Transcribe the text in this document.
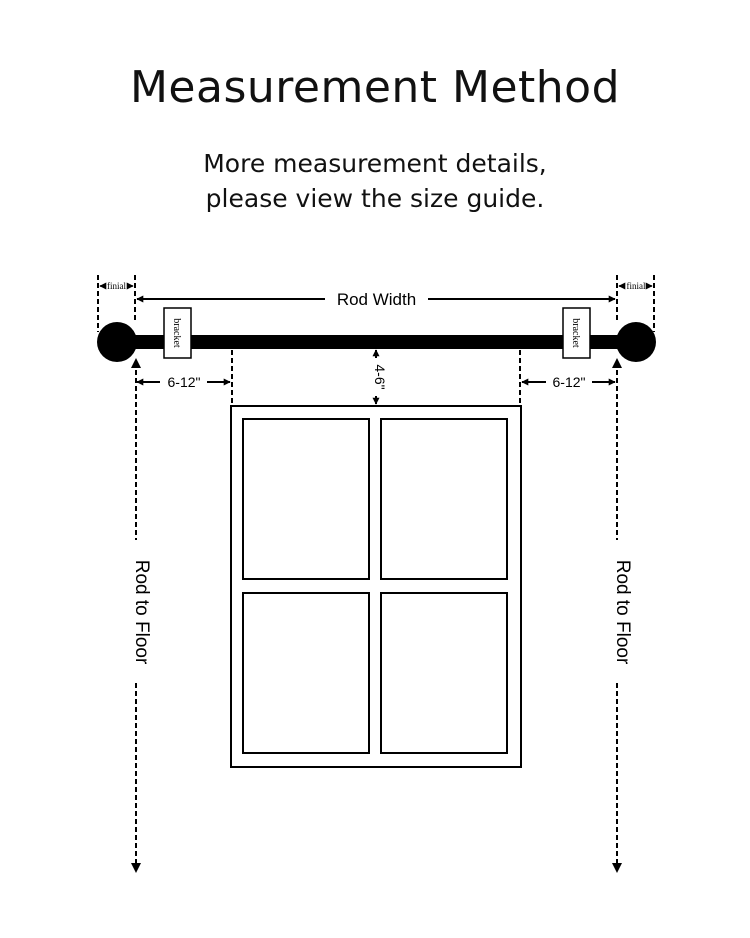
Measurement Method
More measurement details,
please view the size guide.
finial	finial
Rod Width
bracket	bracket
6-12"	6-12"
4-6"
Rod to Floor	Rod to Floor
